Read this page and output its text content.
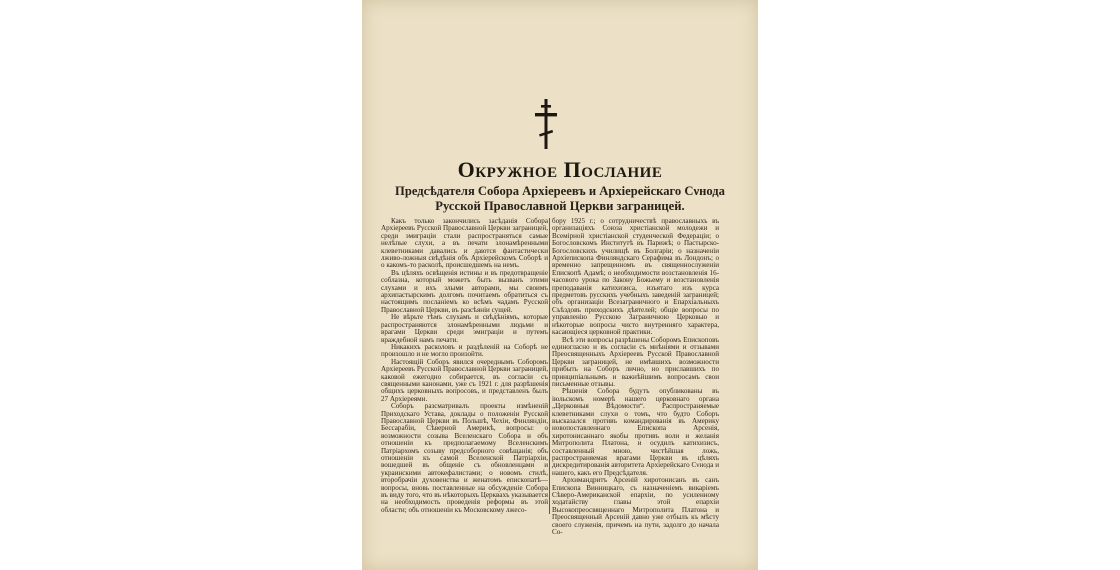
Окружное Послание
Предсѣдателя Собора Архіереевъ и Архіерейскаго Сνнода
Русской Православной Церкви заграницей.

Какъ только закончились засѣданія Собора Архіереевъ Русской Православной Церкви заграницей, среди эмиграціи стали распространяться самые нелѣпые слухи, а въ печати злонамѣренными клеветниками давались и даются фантастически лживо-ложныя свѣдѣнія объ Архіерейскомъ Соборѣ и о какомъ-то расколѣ, происшедшемъ на немъ.

Въ цѣляхъ освѣщенія истины и въ предотвращеніе соблазна, который можетъ быть вызванъ этими слухами и ихъ злыми авторами, мы своимъ архипастырскимъ долгомъ почитаемъ обратиться съ настоящимъ посланіемъ ко всѣмъ чадамъ Русской Православной Церкви, въ разсѣяніи сущей.

Не вѣрьте тѣмъ слухамъ и свѣдѣніямъ, которые распространяются злонамѣренными людьми и врагами Церкви среди эмиграціи и путемъ враждебной намъ печати.

Никакихъ расколовъ и раздѣленій на Соборѣ не произошло и не могло произойти.

Настоящій Соборъ явился очереднымъ Соборомъ Архіереевъ Русской Православной Церкви заграницей, каковой ежегодно собирается, въ согласіи съ священными канонами, уже съ 1921 г. для разрѣшенія общихъ церковныхъ вопросовъ, и представленъ былъ 27 Архіереями.

Соборъ разсматривалъ проекты измѣненій Приходскаго Устава, доклады о положеніи Русской Православной Церкви въ Польшѣ, Чехіи, Финляндіи, Бессарабіи, Сѣверной Америкѣ, вопросы: о возможности созыва Вселенскаго Собора и объ отношеніи къ предполагаемому Вселенскимъ Патріархомъ созыву предсоборного совѣщанія; объ отношеніи къ самой Вселенской Патріархіи, вошедшей въ общеніе съ обновленцами и украинскими автокефалистами; о новомъ стилѣ, второбрачіи духовенства и женатомъ епископатѣ—вопросы, вновь поставленные на обсужденіе Собора въ виду того, что въ нѣкоторыхъ Церквахъ указывается на необходимость проведенія реформы въ этой области; объ отношеніи къ Московскому лжесо-

бору 1925 г.; о сотрудничествѣ православныхъ въ организаціяхъ Союза христіанской молодежи и Всемірной христіанской студенческой Федераціи; о Богословскомъ Институтѣ въ Парижѣ; о Пастырско-Богословскихъ училищѣ въ Болгаріи; о назначеніи Архіепископа Финляндскаго Серафима въ Лондонъ; о временно запрещенномъ въ священнослуженіи Епископѣ Адамѣ; о необходимости возстановленія 16-часового урока по Закону Божьему и возстановленія преподаванія катихизиса, изъятаго изъ курса предметовъ русскихъ учебныхъ заведеній заграницей; объ организаціи Всезаграничного и Епархіальныхъ Съѣздовъ приходскихъ дѣятелей; общіе вопросы по управленію Русскою Заграничною Церковью и нѣкоторые вопросы чисто внутренняго характера, касающіеся церковной практики.

Всѣ эти вопросы разрѣшены Соборомъ Епископовъ единогласно и въ согласіи съ мнѣніями и отзывами Преосвященныхъ Архіереевъ Русской Православной Церкви заграницей, не имѣвшихъ возможности прибыть на Соборъ лично, но приславшихъ по принципіальнымъ и важнѣйшимъ вопросамъ свои письменные отзывы.

Рѣшенія Собора будутъ опубликованы въ іюльскомъ номерѣ нашего церковнаго органа „Церковныя Вѣдомости“. Распространяемые клеветниками слухи о томъ, что будто Соборъ высказался противъ командированія въ Америку новопоставленнаго Епископа Арсенія, хиротонисаннаго якобы противъ воли и желанія Митрополита Платона, и осудилъ катихизисъ, составленный мною, чистѣйшая ложь, распространяемая врагами Церкви въ цѣляхъ дискредитированія авторитета Архіерейскаго Сνнода и нашего, какъ его Предсѣдателя.

Архимандритъ Арсеній хиротонисанъ въ санъ Епископа Винницкаго, съ назначеніемъ викаріемъ Сѣверо-Американской епархіи, по усиленному ходатайству главы этой епархіи Высокопреосвященнаго Митрополита Платона и Преосвященный Арсеній давно уже отбылъ къ мѣсту своего служенія, причемъ на пути, задолго до начала Со-
